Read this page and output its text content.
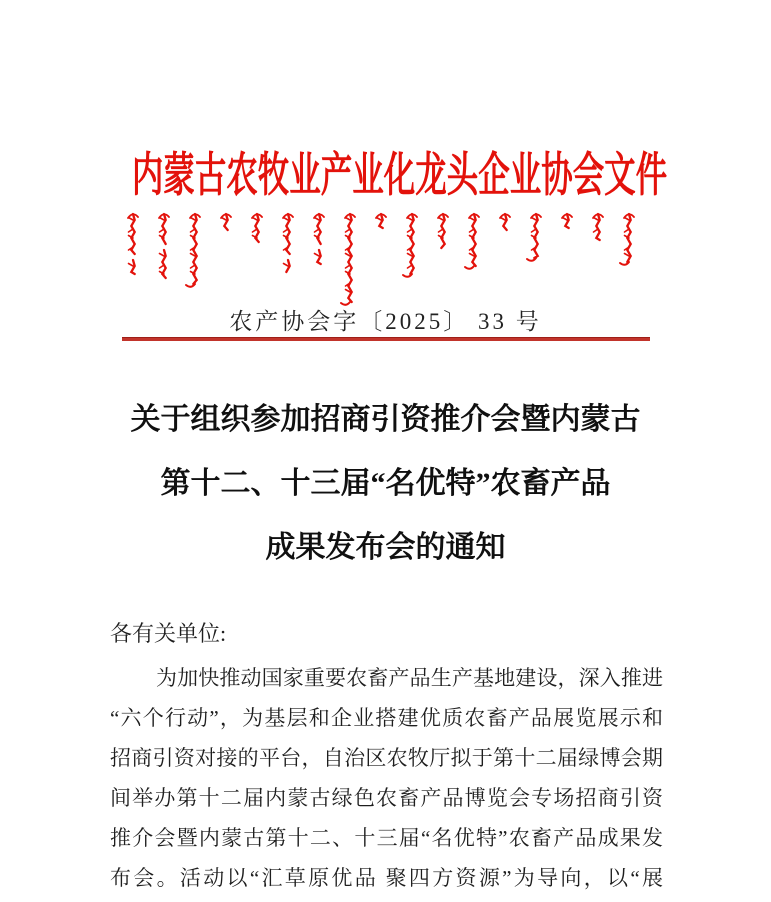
内蒙古农牧业产业化龙头企业协会文件
农产协会字〔2025〕 33 号
关于组织参加招商引资推介会暨内蒙古
第十二、十三届“名优特”农畜产品
成果发布会的通知
各有关单位:
为加快推动国家重要农畜产品生产基地建设，深入推进
“六个行动”，为基层和企业搭建优质农畜产品展览展示和
招商引资对接的平台，自治区农牧厅拟于第十二届绿博会期
间举办第十二届内蒙古绿色农畜产品博览会专场招商引资
推介会暨内蒙古第十二、十三届“名优特”农畜产品成果发
布会。活动以“汇草原优品 聚四方资源”为导向，以“展
